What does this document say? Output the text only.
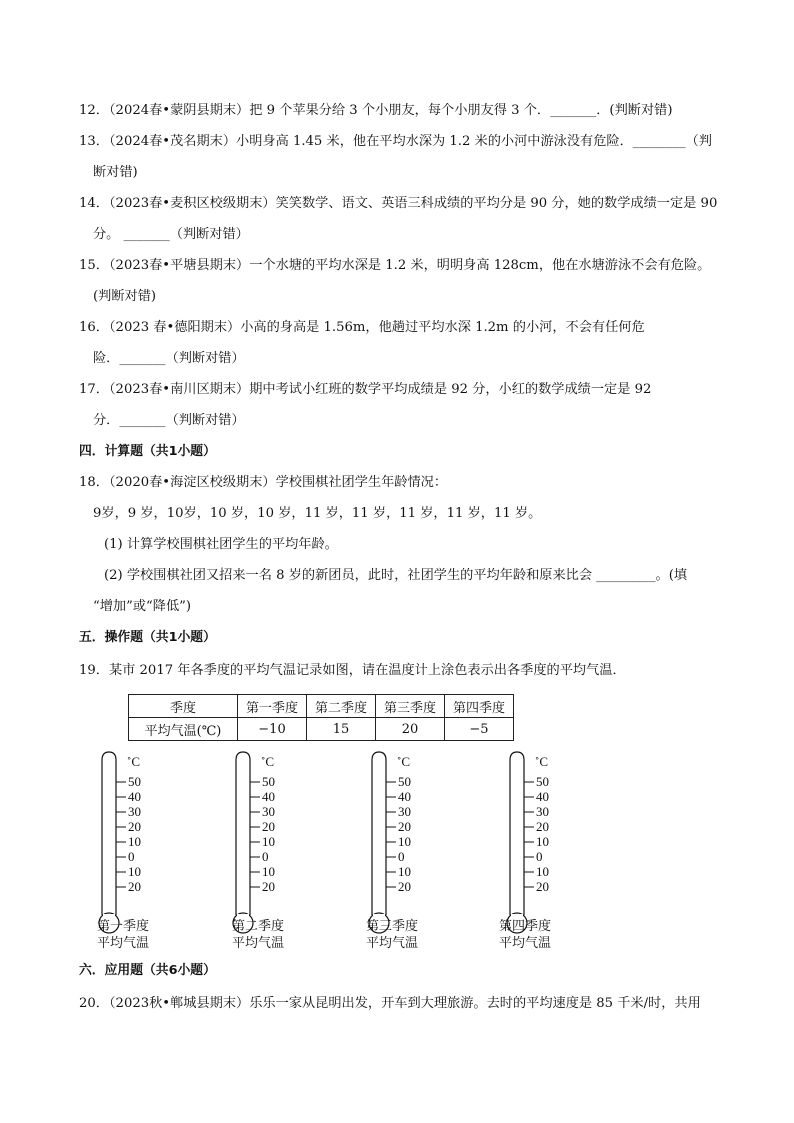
12．（2024春•蒙阴县期末）把 9 个苹果分给 3 个小朋友，每个小朋友得 3 个．_______．(判断对错)
13．（2024春•茂名期末）小明身高 1.45 米，他在平均水深为 1.2 米的小河中游泳没有危险．________（判
断对错)
14．（2023春•麦积区校级期末）笑笑数学、语文、英语三科成绩的平均分是 90 分，她的数学成绩一定是 90
分。 _______（判断对错）
15．（2023春•平塘县期末）一个水塘的平均水深是 1.2 米，明明身高 128cm，他在水塘游泳不会有危险。
(判断对错)
16．（2023 春•德阳期末）小高的身高是 1.56m，他趟过平均水深 1.2m 的小河，不会有任何危
险．_______（判断对错）
17．（2023春•南川区期末）期中考试小红班的数学平均成绩是 92 分，小红的数学成绩一定是 92
分．_______（判断对错）
四．计算题（共1小题）
18．（2020春•海淀区校级期末）学校围棋社团学生年龄情况：
9岁，9 岁，10岁，10 岁，10 岁，11 岁，11 岁，11 岁，11 岁，11 岁。
(1) 计算学校围棋社团学生的平均年龄。
(2) 学校围棋社团又招来一名 8 岁的新团员，此时，社团学生的平均年龄和原来比会 _________。(填
“增加”或“降低”)
五．操作题（共1小题）
19．某市 2017 年各季度的平均气温记录如图，请在温度计上涂色表示出各季度的平均气温．
六．应用题（共6小题）
20．（2023秋•郸城县期末）乐乐一家从昆明出发，开车到大理旅游。去时的平均速度是 85 千米/时，共用
季度	第一季度	第二季度	第三季度	第四季度
平均气温(℃)	−10	15	20	−5
˚C
50
40
30
20
10
0
10
20
˚C
50
40
30
20
10
0
10
20
˚C
50
40
30
20
10
0
10
20
˚C
50
40
30
20
10
0
10
20
第一季度
平均气温
第二季度
平均气温
第三季度
平均气温
第四季度
平均气温
